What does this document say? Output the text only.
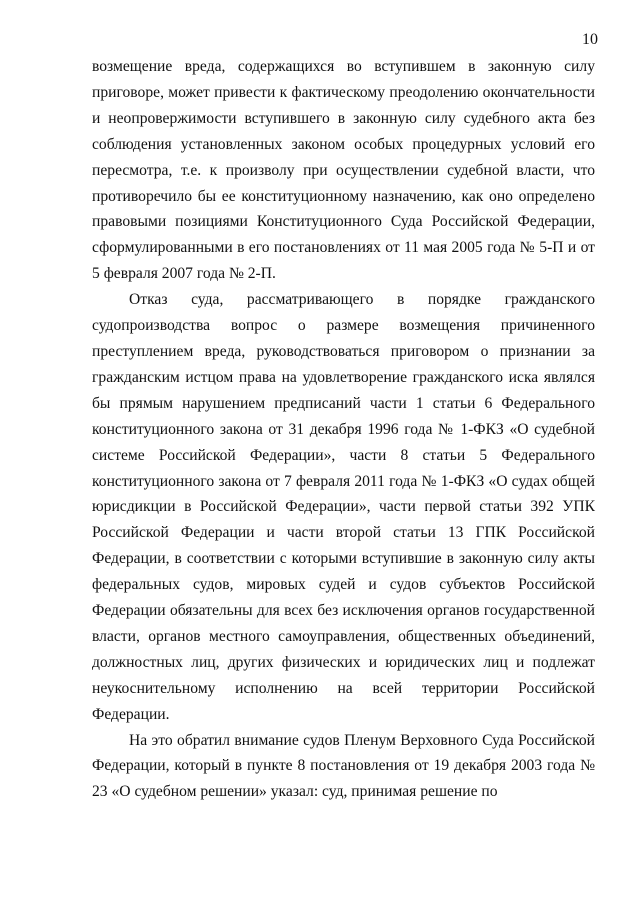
10

возмещение вреда, содержащихся во вступившем в законную силу приговоре, может привести к фактическому преодолению окончательности и неопровержимости вступившего в законную силу судебного акта без соблюдения установленных законом особых процедурных условий его пересмотра, т.е. к произволу при осуществлении судебной власти, что противоречило бы ее конституционному назначению, как оно определено правовыми позициями Конституционного Суда Российской Федерации, сформулированными в его постановлениях от 11 мая 2005 года № 5-П и от 5 февраля 2007 года № 2-П.

Отказ суда, рассматривающего в порядке гражданского судопроизводства вопрос о размере возмещения причиненного преступлением вреда, руководствоваться приговором о признании за гражданским истцом права на удовлетворение гражданского иска являлся бы прямым нарушением предписаний части 1 статьи 6 Федерального конституционного закона от 31 декабря 1996 года № 1-ФКЗ «О судебной системе Российской Федерации», части 8 статьи 5 Федерального конституционного закона от 7 февраля 2011 года № 1-ФКЗ «О судах общей юрисдикции в Российской Федерации», части первой статьи 392 УПК Российской Федерации и части второй статьи 13 ГПК Российской Федерации, в соответствии с которыми вступившие в законную силу акты федеральных судов, мировых судей и судов субъектов Российской Федерации обязательны для всех без исключения органов государственной власти, органов местного самоуправления, общественных объединений, должностных лиц, других физических и юридических лиц и подлежат неукоснительному исполнению на всей территории Российской Федерации.

На это обратил внимание судов Пленум Верховного Суда Российской Федерации, который в пункте 8 постановления от 19 декабря 2003 года № 23 «О судебном решении» указал: суд, принимая решение по
